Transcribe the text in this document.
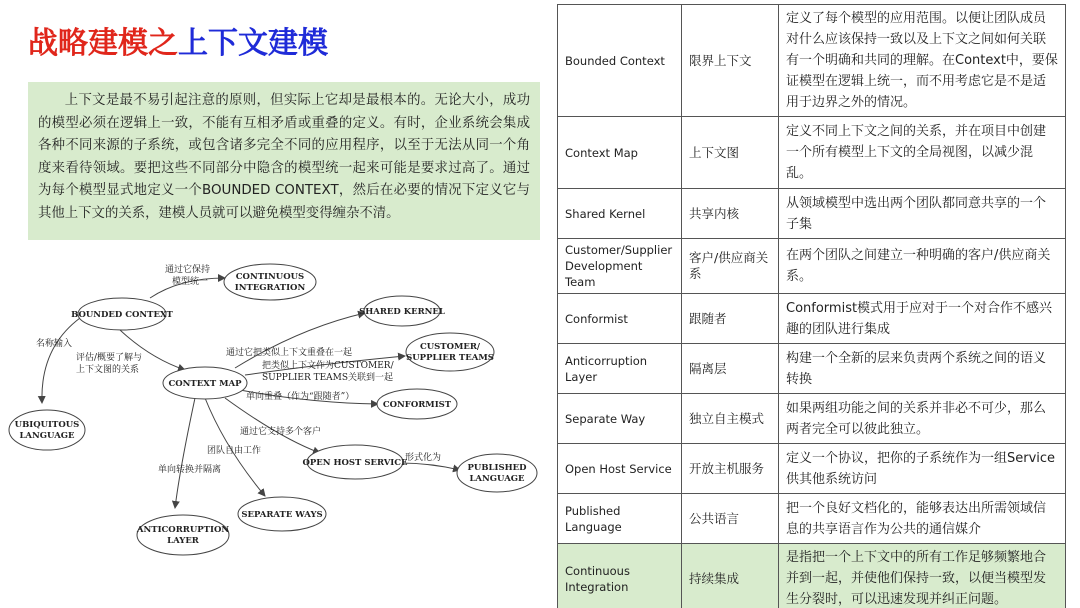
战略建模之上下文建模
上下文是最不易引起注意的原则，但实际上它却是最根本的。无论大小，成功的模型必须在逻辑上一致，不能有互相矛盾或重叠的定义。有时，企业系统会集成各种不同来源的子系统，或包含诸多完全不同的应用程序，以至于无法从同一个角度来看待领域。要把这些不同部分中隐含的模型统一起来可能是要求过高了。通过为每个模型显式地定义一个BOUNDED CONTEXT，然后在必要的情况下定义它与其他上下文的关系，建模人员就可以避免模型变得缠杂不清。
CONTINUOUS
INTEGRATION
BOUNDED CONTEXT	SHARED KERNEL
CUSTOMER/
SUPPLIER TEAMS
CONTEXT MAP
CONFORMIST
UBIQUITOUS
LANGUAGE
OPEN HOST SERVICE	PUBLISHED
LANGUAGE
SEPARATE WAYS
ANTICORRUPTION
LAYER
通过它保持
模型统一
名称输入
评估/概要了解与
上下文图的关系
通过它把类似上下文重叠在一起
把类似上下文作为CUSTOMER/
SUPPLIER TEAMS关联到一起
单向重叠（作为“跟随者”）
通过它支持多个客户
形式化为
团队自由工作
单向转换并隔离
Bounded Context	限界上下文	定义了每个模型的应用范围。以便让团队成员对什么应该保持一致以及上下文之间如何关联有一个明确和共同的理解。在Context中，要保证模型在逻辑上统一，而不用考虑它是不是适用于边界之外的情况。
Context Map	上下文图	定义不同上下文之间的关系，并在项目中创建一个所有模型上下文的全局视图，以减少混乱。
Shared Kernel	共享内核	从领域模型中选出两个团队都同意共享的一个子集
Customer/Supplier Development Team	客户/供应商关系	在两个团队之间建立一种明确的客户/供应商关系。
Conformist	跟随者	Conformist模式用于应对于一个对合作不感兴趣的团队进行集成
Anticorruption Layer	隔离层	构建一个全新的层来负责两个系统之间的语义转换
Separate Way	独立自主模式	如果两组功能之间的关系并非必不可少，那么两者完全可以彼此独立。
Open Host Service	开放主机服务	定义一个协议，把你的子系统作为一组Service供其他系统访问
Published Language	公共语言	把一个良好文档化的，能够表达出所需领域信息的共享语言作为公共的通信媒介
Continuous Integration	持续集成	是指把一个上下文中的所有工作足够频繁地合并到一起，并使他们保持一致，以便当模型发生分裂时，可以迅速发现并纠正问题。
